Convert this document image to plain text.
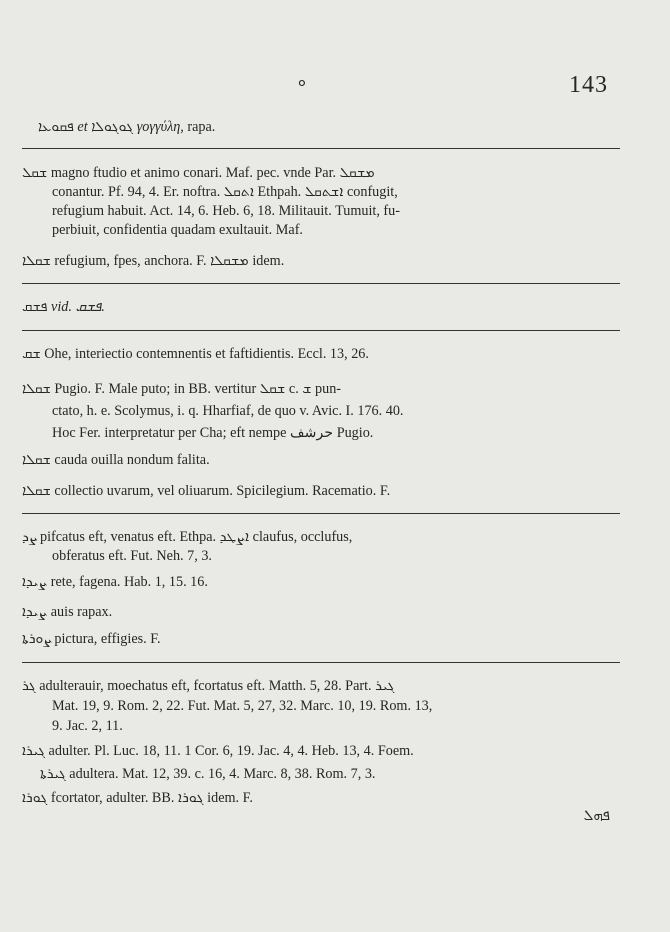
ܘ	143
ܦܩܘܥܐ et ܓܘܓܘܠܐ γογγύλη, rapa.
ܫܩܠ magno ftudio et animo conari. Maf. pec. vnde Par. ܡܫܩܠ
conantur. Pf. 94, 4. Er. noftra. ܐܬܩܠ Ethpah. ܐܫܬܩܠ confugit,
refugium habuit. Act. 14, 6. Heb. 6, 18. Militauit. Tumuit, fu-
perbiuit, confidentia quadam exultauit. Maf.
ܫܩܠܐ refugium, fpes, anchora. F. ܡܫܩܠܐ idem.
ܦܫܩ vid. ܦܫܩ.
ܫܩ Ohe, interiectio contemnentis et faftidientis. Eccl. 13, 26.
ܫܩܠܐ Pugio. F. Male puto; in BB. vertitur ܫܩܠ c. ܫ pun-
ctato, h. e. Scolymus, i. q. Hharfiaf, de quo v. Avic. I. 176. 40.
Hoc Fer. interpretatur per Cha; eft nempe حرشف Pugio.
ܫܩܠܐ cauda ouilla nondum falita.
ܫܩܠܐ collectio uvarum, vel oliuarum. Spicilegium. Racematio. F.
ܨܕ pifcatus eft, venatus eft. Ethpa. ܐܨܛܕ claufus, occlufus,
obferatus eft. Fut. Neh. 7, 3.
ܨܝܕܐ rete, fagena. Hab. 1, 15. 16.
ܨܝܕܐ auis rapax.
ܨܘܪܬܐ pictura, effigies. F.
ܓܪ adulterauir, moechatus eft, fcortatus eft. Matth. 5, 28. Part. ܓܝܪ
Mat. 19, 9. Rom. 2, 22. Fut. Mat. 5, 27, 32. Marc. 10, 19. Rom. 13,
9. Jac. 2, 11.
ܓܝܪܐ adulter. Pl. Luc. 18, 11. 1 Cor. 6, 19. Jac. 4, 4. Heb. 13, 4. Foem.
ܓܝܪܬܐ adultera. Mat. 12, 39. c. 16, 4. Marc. 8, 38. Rom. 7, 3.
ܓܘܪܐ fcortator, adulter. BB. ܓܘܪܐ idem. F.
ܦܗܠ
